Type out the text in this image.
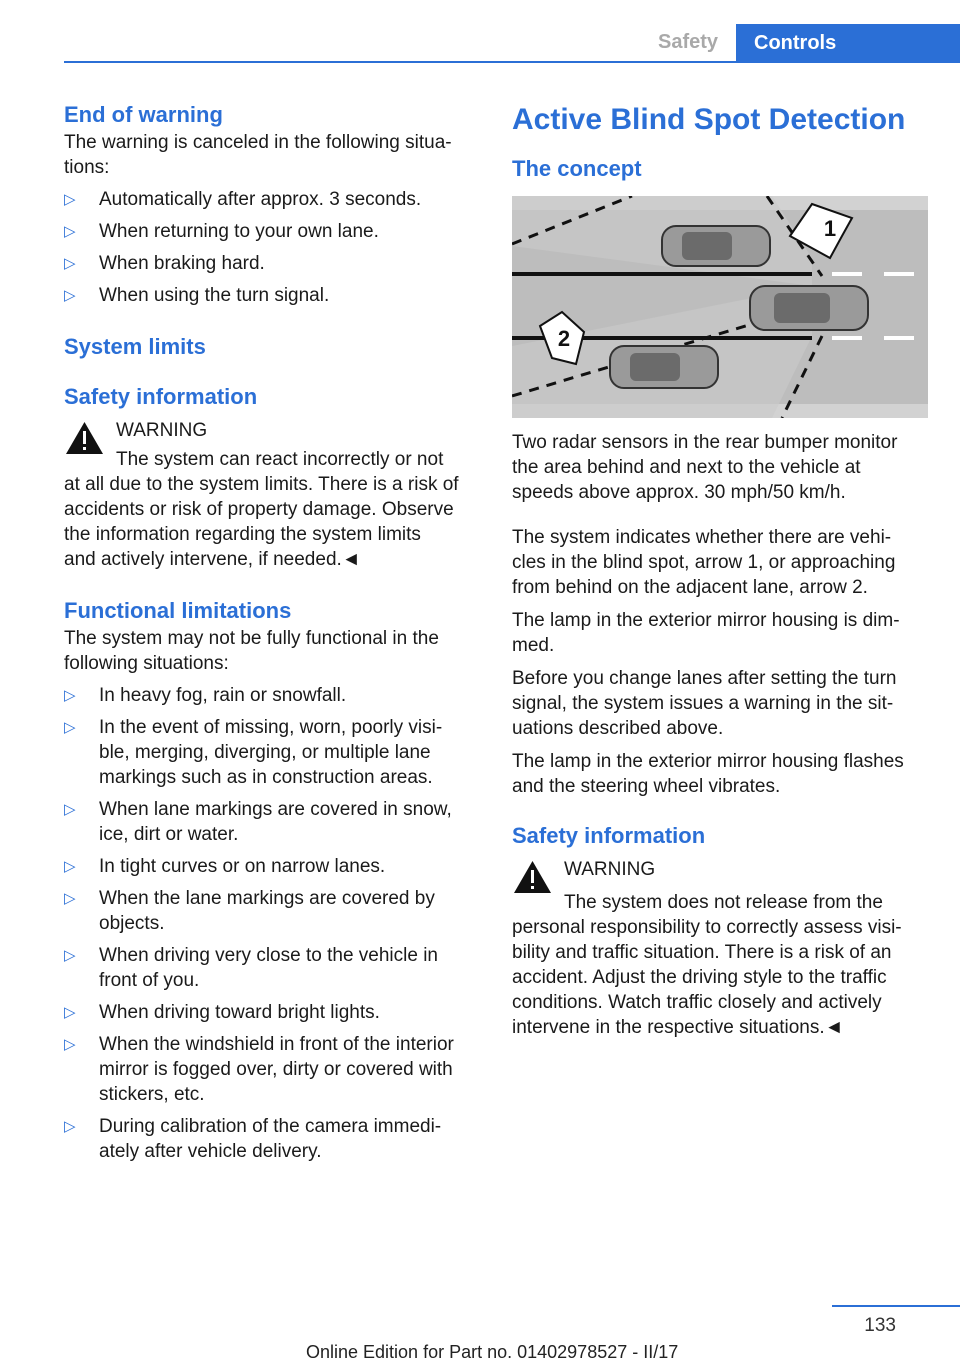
Safety	Controls
End of warning

The warning is canceled in the following situa-
tions:

▷ Automatically after approx. 3 seconds.
▷ When returning to your own lane.
▷ When braking hard.
▷ When using the turn signal.
System limits
Safety information
WARNING
The system can react incorrectly or not
at all due to the system limits. There is a risk of
accidents or risk of property damage. Observe
the information regarding the system limits
and actively intervene, if needed.◄
Functional limitations

The system may not be fully functional in the
following situations:

▷ In heavy fog, rain or snowfall.
▷ In the event of missing, worn, poorly visi-
ble, merging, diverging, or multiple lane
markings such as in construction areas.
▷ When lane markings are covered in snow,
ice, dirt or water.
▷ In tight curves or on narrow lanes.
▷ When the lane markings are covered by
objects.
▷ When driving very close to the vehicle in
front of you.
▷ When driving toward bright lights.
▷ When the windshield in front of the interior
mirror is fogged over, dirty or covered with
stickers, etc.
▷ During calibration of the camera immedi-
ately after vehicle delivery.
Active Blind Spot Detection
The concept
1
2

Two radar sensors in the rear bumper monitor
the area behind and next to the vehicle at
speeds above approx. 30 mph/50 km/h.

The system indicates whether there are vehi-
cles in the blind spot, arrow 1, or approaching
from behind on the adjacent lane, arrow 2.

The lamp in the exterior mirror housing is dim-
med.

Before you change lanes after setting the turn
signal, the system issues a warning in the sit-
uations described above.

The lamp in the exterior mirror housing flashes
and the steering wheel vibrates.

Safety information
WARNING
The system does not release from the
personal responsibility to correctly assess visi-
bility and traffic situation. There is a risk of an
accident. Adjust the driving style to the traffic
conditions. Watch traffic closely and actively
intervene in the respective situations.◄
133
Online Edition for Part no. 01402978527 - II/17
